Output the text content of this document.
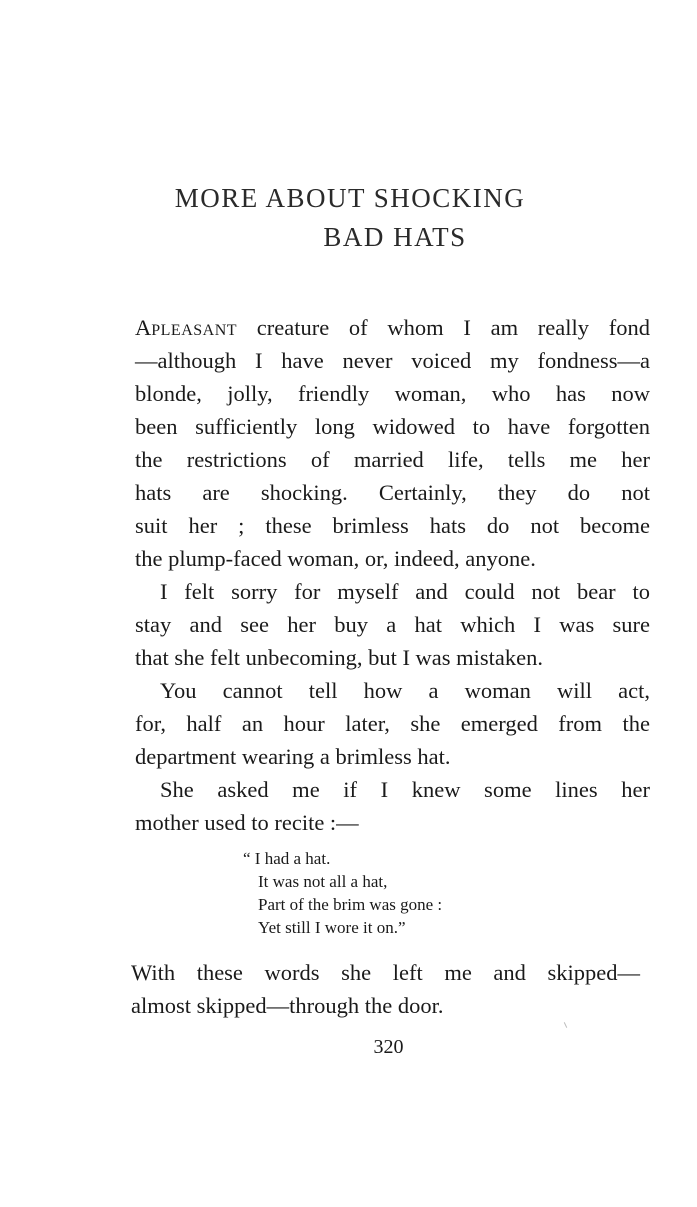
MORE ABOUT SHOCKING
BAD HATS
Apleasant creature of whom I am really fond
—although I have never voiced my fondness—a
blonde, jolly, friendly woman, who has now
been sufficiently long widowed to have forgotten
the restrictions of married life, tells me her
hats are shocking. Certainly, they do not
suit her ; these brimless hats do not become
the plump-faced woman, or, indeed, anyone.
I felt sorry for myself and could not bear to
stay and see her buy a hat which I was sure
that she felt unbecoming, but I was mistaken.
You cannot tell how a woman will act,
for, half an hour later, she emerged from the
department wearing a brimless hat.
She asked me if I knew some lines her
mother used to recite :—
“ I had a hat.
It was not all a hat,
Part of the brim was gone :
Yet still I wore it on.”
With these words she left me and skipped—
almost skipped—through the door.
320
